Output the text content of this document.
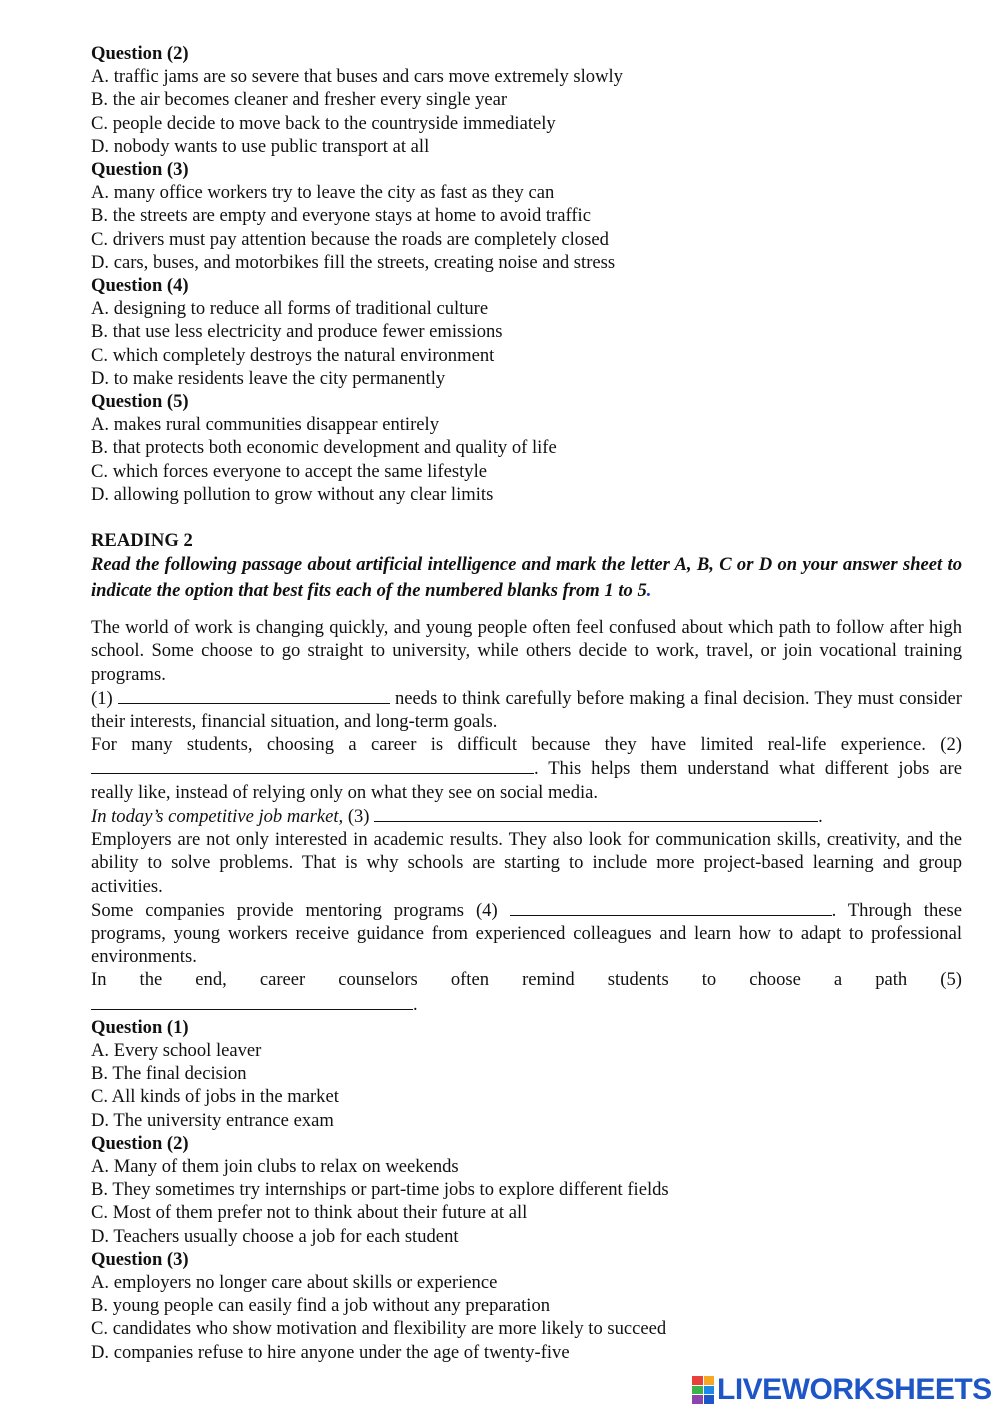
Question (2)
A. traffic jams are so severe that buses and cars move extremely slowly
B. the air becomes cleaner and fresher every single year
C. people decide to move back to the countryside immediately
D. nobody wants to use public transport at all
Question (3)
A. many office workers try to leave the city as fast as they can
B. the streets are empty and everyone stays at home to avoid traffic
C. drivers must pay attention because the roads are completely closed
D. cars, buses, and motorbikes fill the streets, creating noise and stress
Question (4)
A. designing to reduce all forms of traditional culture
B. that use less electricity and produce fewer emissions
C. which completely destroys the natural environment
D. to make residents leave the city permanently
Question (5)
A. makes rural communities disappear entirely
B. that protects both economic development and quality of life
C. which forces everyone to accept the same lifestyle
D. allowing pollution to grow without any clear limits
READING 2
Read the following passage about artificial intelligence and mark the letter A, B, C or D on your answer sheet to indicate the option that best fits each of the numbered blanks from 1 to 5.
The world of work is changing quickly, and young people often feel confused about which path to follow after high school. Some choose to go straight to university, while others decide to work, travel, or join vocational training programs.
(1)	needs to think carefully before making a final decision. They must consider their interests, financial situation, and long-term goals.
For many students, choosing a career is difficult because they have limited real-life experience. (2) . This helps them understand what different jobs are really like, instead of relying only on what they see on social media.
In today’s competitive job market, (3)	.
Employers are not only interested in academic results. They also look for communication skills, creativity, and the ability to solve problems. That is why schools are starting to include more project-based learning and group activities.
Some companies provide mentoring programs (4)	. Through these programs, young workers receive guidance from experienced colleagues and learn how to adapt to professional environments.
In the end, career counselors often remind students to choose a path (5)
.
Question (1)
A. Every school leaver
B. The final decision
C. All kinds of jobs in the market
D. The university entrance exam
Question (2)
A. Many of them join clubs to relax on weekends
B. They sometimes try internships or part-time jobs to explore different fields
C. Most of them prefer not to think about their future at all
D. Teachers usually choose a job for each student
Question (3)
A. employers no longer care about skills or experience
B. young people can easily find a job without any preparation
C. candidates who show motivation and flexibility are more likely to succeed
D. companies refuse to hire anyone under the age of twenty-five
LIVEWORKSHEETS
